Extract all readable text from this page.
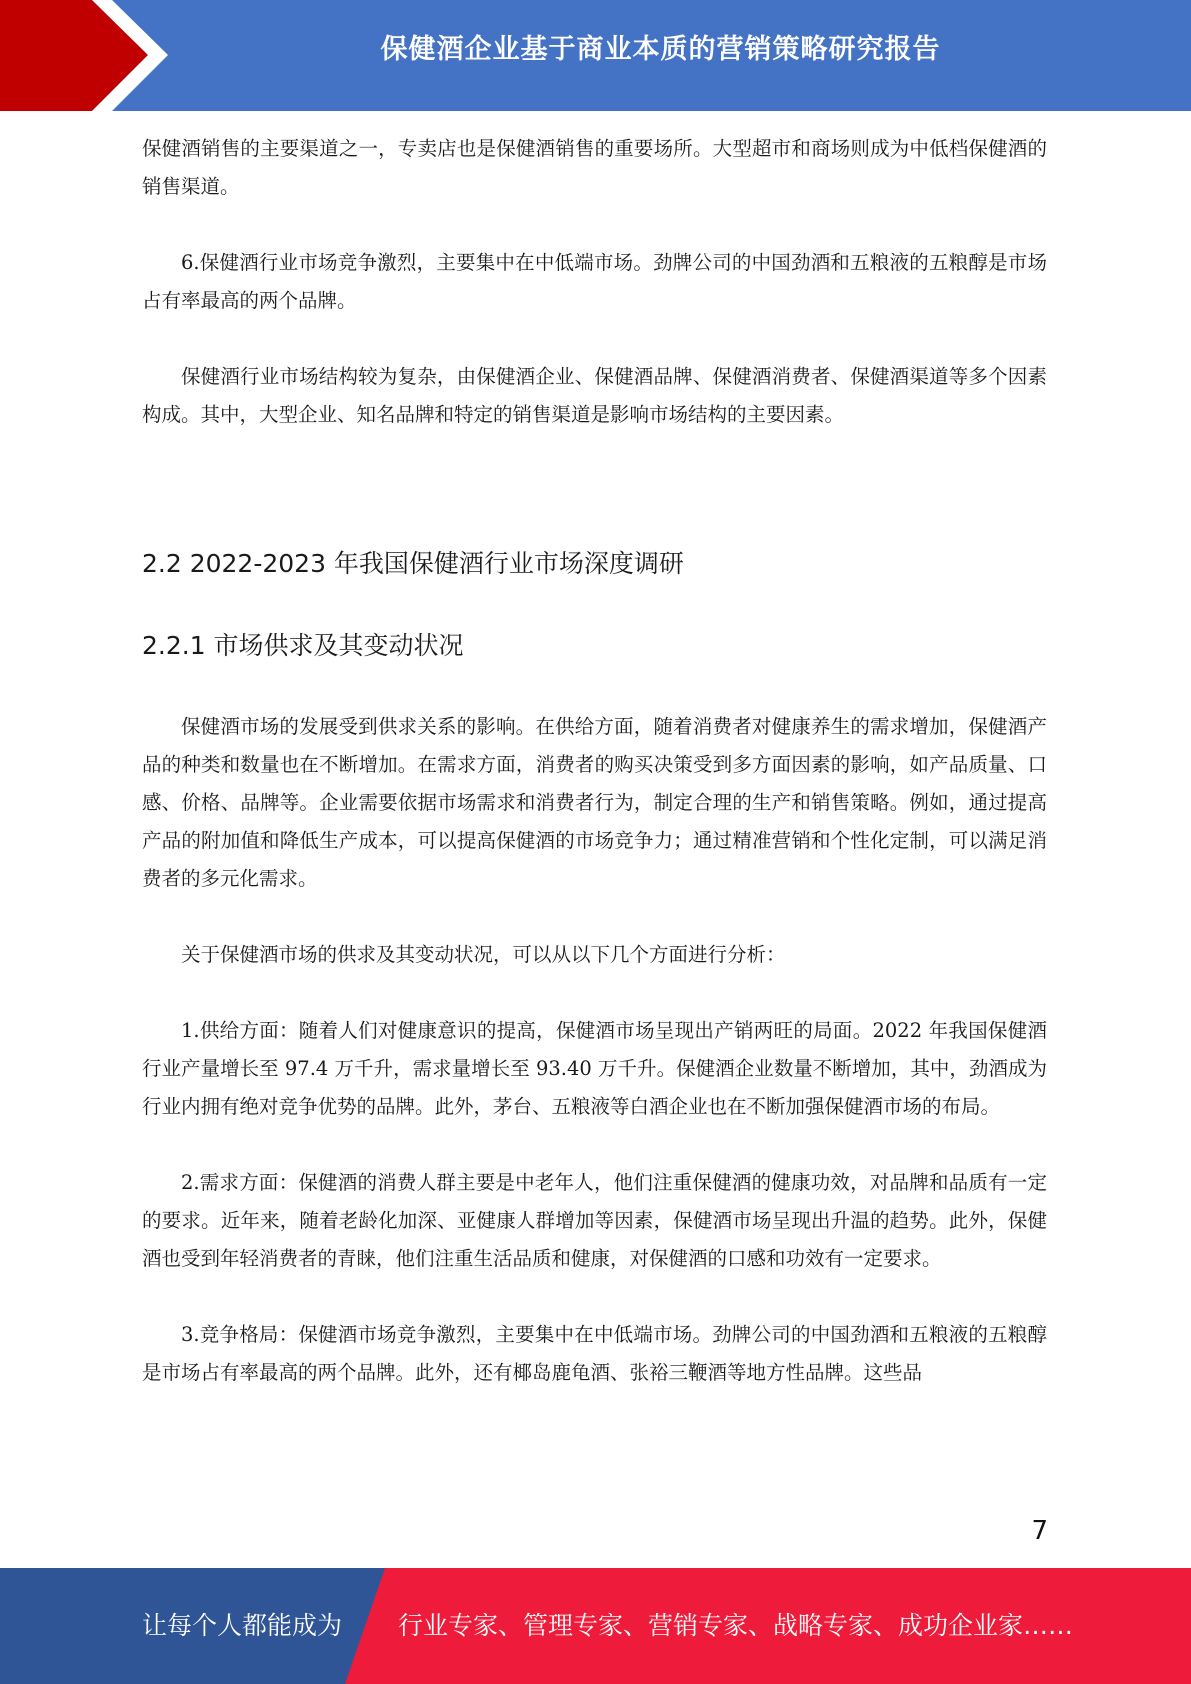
保健酒企业基于商业本质的营销策略研究报告

保健酒销售的主要渠道之一，专卖店也是保健酒销售的重要场所。大型超市和商场则成为中低档保健酒的销售渠道。

6.保健酒行业市场竞争激烈，主要集中在中低端市场。劲牌公司的中国劲酒和五粮液的五粮醇是市场占有率最高的两个品牌。

保健酒行业市场结构较为复杂，由保健酒企业、保健酒品牌、保健酒消费者、保健酒渠道等多个因素构成。其中，大型企业、知名品牌和特定的销售渠道是影响市场结构的主要因素。

2.2 2022-2023 年我国保健酒行业市场深度调研
2.2.1 市场供求及其变动状况

保健酒市场的发展受到供求关系的影响。在供给方面，随着消费者对健康养生的需求增加，保健酒产品的种类和数量也在不断增加。在需求方面，消费者的购买决策受到多方面因素的影响，如产品质量、口感、价格、品牌等。企业需要依据市场需求和消费者行为，制定合理的生产和销售策略。例如，通过提高产品的附加值和降低生产成本，可以提高保健酒的市场竞争力；通过精准营销和个性化定制，可以满足消费者的多元化需求。

关于保健酒市场的供求及其变动状况，可以从以下几个方面进行分析：

1.供给方面：随着人们对健康意识的提高，保健酒市场呈现出产销两旺的局面。2022 年我国保健酒行业产量增长至 97.4 万千升，需求量增长至 93.40 万千升。保健酒企业数量不断增加，其中，劲酒成为行业内拥有绝对竞争优势的品牌。此外，茅台、五粮液等白酒企业也在不断加强保健酒市场的布局。

2.需求方面：保健酒的消费人群主要是中老年人，他们注重保健酒的健康功效，对品牌和品质有一定的要求。近年来，随着老龄化加深、亚健康人群增加等因素，保健酒市场呈现出升温的趋势。此外，保健酒也受到年轻消费者的青睐，他们注重生活品质和健康，对保健酒的口感和功效有一定要求。

3.竞争格局：保健酒市场竞争激烈，主要集中在中低端市场。劲牌公司的中国劲酒和五粮液的五粮醇是市场占有率最高的两个品牌。此外，还有椰岛鹿龟酒、张裕三鞭酒等地方性品牌。这些品

7
让每个人都能成为 行业专家、管理专家、营销专家、战略专家、成功企业家……
